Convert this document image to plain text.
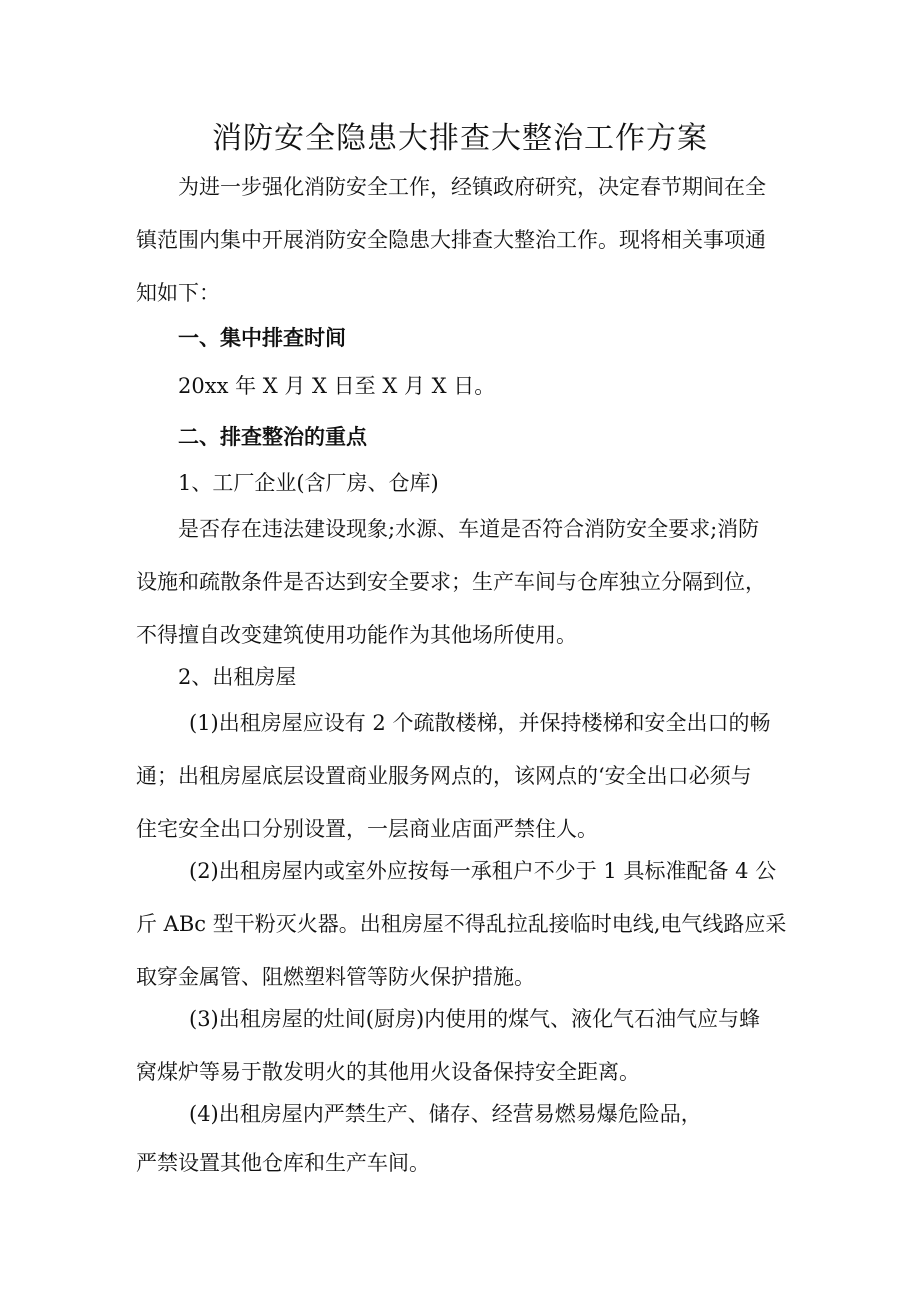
消防安全隐患大排查大整治工作方案
为进一步强化消防安全工作，经镇政府研究，决定春节期间在全
镇范围内集中开展消防安全隐患大排查大整治工作。现将相关事项通
知如下：
一、集中排查时间
20xx 年 X 月 X 日至 X 月 X 日。
二、排查整治的重点
1、工厂企业(含厂房、仓库)
是否存在违法建设现象;水源、车道是否符合消防安全要求;消防
设施和疏散条件是否达到安全要求；生产车间与仓库独立分隔到位，
不得擅自改变建筑使用功能作为其他场所使用。
2、出租房屋
(1)出租房屋应设有 2 个疏散楼梯，并保持楼梯和安全出口的畅
通；出租房屋底层设置商业服务网点的，该网点的‘安全出口必须与
住宅安全出口分别设置，一层商业店面严禁住人。
(2)出租房屋内或室外应按每一承租户不少于 1 具标准配备 4 公
斤 ABc 型干粉灭火器。出租房屋不得乱拉乱接临时电线,电气线路应采
取穿金属管、阻燃塑料管等防火保护措施。
(3)出租房屋的灶间(厨房)内使用的煤气、液化气石油气应与蜂
窝煤炉等易于散发明火的其他用火设备保持安全距离。
(4)出租房屋内严禁生产、储存、经营易燃易爆危险品，
严禁设置其他仓库和生产车间。
